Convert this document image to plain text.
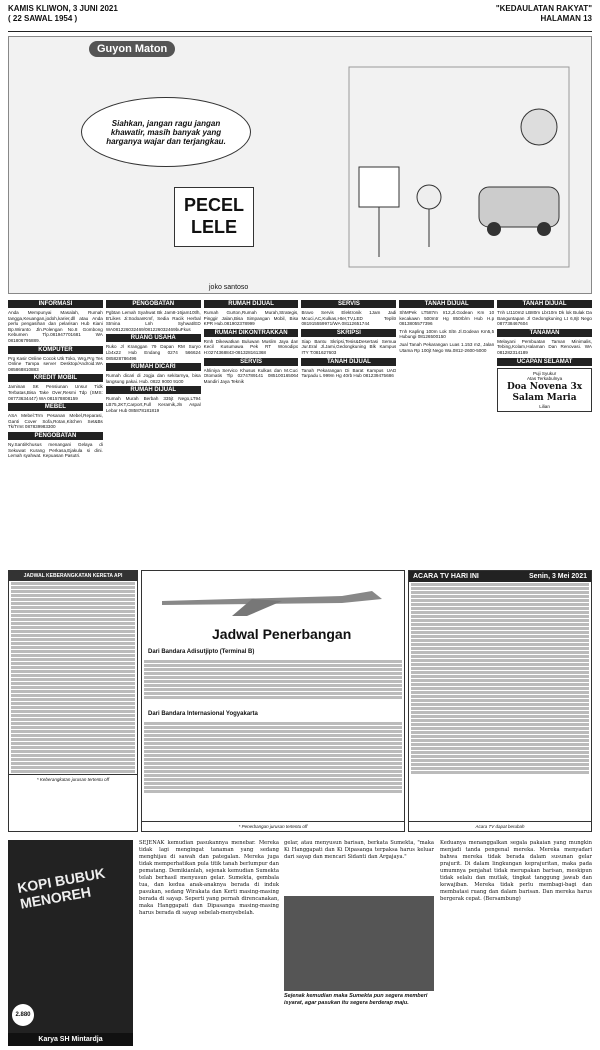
KAMIS KLIWON, 3 JUNI 2021
( 22 SAWAL 1954 )
"KEDAULATAN RAKYAT"
HALAMAN 13
Guyon Maton
Siahkan, jangan ragu jangan khawatir, masih banyak yang harganya wajar dan terjangkau.
PECEL LELE
joko santoso
INFORMASI

Anda Mempunyai Masalah, Rumah tangga,Keuangan,jodoh,karier,dll atau Anda perlu pengasihan dan pelarisan Hub Kiani Bp.Wiranto Jln.Polengan No.8 Gombong Kebumen Tlp.081947701681 WA 081806795889.

KOMPUTER

Prg Kasir Online Cocok Utk Toko, Wrg,Prg Tes Online Tampa server Desktop/Android.WA 085868810883

KREDIT MOBIL

Jaminan SK Pensiunan Unsur Tidk Terbatas,Bisa Take Over,Resmi Tdp (SMS: 08773634447) WA 081578808159

MEBEL

ASA Mebel:Trm Pesanan Mebel,Reparasi, Ganti Cover Sofa,Rotan,Kitchen Set&Bs Tk/Trmt 087839983300

PENGOBATAN

Ny.Santi/Khusus menangani Gelaya di Sekuwat Kurang Perkasa,Ejakula si dini. Lemah syahwat. Kepuasan Pasutri.

PENGOBATAN

Pgbtan Lemah Syahwat Bk Jam8-16jam10tlh, B'Likes Ji:SodoanKmf, Sedia Racik Herbal Stmina Lnh Syhwat/ED WA081226032469/081226032469buFkus

RUANG USAHA

Ruko Jl Kranggan 79 Dapan RM Suryo Lb4x22 Hub Endang 0274 566624 085828786496

RUMAH DICARI

Rumah dicari di Jogja dan sekitarnya, bisa langsung pakai. Hub. 0822 9000 9100

RUMAH DIJUAL

Rumah Murah Berbah 335jt Nego,LT94 LB75,2KT,Carport,Full Keramik,Jln Aspal Lebar Hub 085878181819

RUMAH DIJUAL

Rumah Gurton,Rumah Murah,Strategis, Pinggir Jalan,Bisa Simpangan Mobil, Bisa KPR Hub.081902378999

RUMAH DIKONTRAKKAN

Rmh Dikewatkan Buluwan Muslim Jaya dan Kecil Kusumawa Pek RT Wonodipo H:0274368843-081328161368

SERVIS

Ahliniya Servico Khusus Kulkas dan M.Cuci Otomatis Tlp 0274789141 085100165064 Mandiri Jaya Teknik

SERVIS

Bravo Servis Elektronik 1Jam Jadi Mcuci,AC,Kulkas,Hter,TV,LED Teplitr 081915559971/WA 08112651744

SKRIPSI

Siap Bantu Skripsi,Tesis&Desertasi Semua Jur.Eral Jl.Jami,Gedongkuning Blk Kampus ITY T:081627603

TANAH DIJUAL

Tanah Pekarangan Di Barat Kampus UAD Tarpadu L 999m Hg 40rb Hub 081239475686

TANAH DIJUAL

ShMPek LT587m Ir12,Jl.Godean Km 10 kecakawn 500mtr Hg 850rb/m Hub H.p 0813805577396

Tnh Kapling 100m Lok Sltn Jl.Godean Km5,5 Hubungi 08126500150

Jual Tanah Pekarangan Luas 1.153 m2, Jalan Utama Rp 100jt Nego Wa.0812-2600-5000

TANAH DIJUAL

Tnh Lt110m2 LB80m Lbr10m Dk lok Bulak Da Banguntapan Jl Gedongkuning Lt 6,8jt Nego 087738467604

TANAMAN

Melayani Pembuatan Taman Minimalis, Tebing,Kolam,Halaman Dan Renovasi. WA 081282314189

UCAPAN SELAMAT
Puji Syukur
Atas Terkabulnya
Doa Novena 3x Salam Maria
Lilian
JADWAL KEBERANGKATAN KERETA API
* Keberangkatan jurusan tertentu off
Jadwal Penerbangan
Dari Bandara Adisutjipto (Terminal B)
Dari Bandara Internasional Yogyakarta
* Penerbangan jurusan tertentu off
ACARA TV HARI INI	Senin, 3 Mei 2021
Acara TV dapat berubah
KOPI BUBUK MENOREH
2.880
Karya SH Mintardja
SEJENAK kemudian pasukannya menebar. Mereka tidak lagi mengingat tanaman yang sedang menghijau di sawah dan pategalan. Mereka juga tidak memperhatikan pula titik tanah berlumpur dan pematang. Demikianlah, sejenak kemudian Sumekta telah berhasil menyusun gelar. Sumekta, gembala tua, dan kedua anak-anaknya berada di induk pasukan, sedang Wirakata dan Kerti masing-masing berada di sayap. Seperti yang pernah direncanakan, maka Hanggapati dan Dipasanga masing-masing harus berada di sayap sebelah-menyebelah.
gelar, atau menyusun barisan, berkata Sumekta, "maka Ki Hanggapati dan Ki Dipasanga terpaksa harus keluar dari sayap dan mencari Sidanti dan Argajaya."
Sejenak kemudian maka Sumekta pun segera memberi isyarat, agar pasukan itu segera berderap maju.
Keduanya menanggalkan segala pakaian yang mungkin menjadi tanda pengenal mereka. Mereka menyadari bahwa mereka tidak berada dalam susunan gelar prajurit. Di dalam lingkungan keprajuritan, maka pada umumnya penjahat tidak merupakan barisan, meskipun tidak selalu dan mutlak, tingkat tanggung jawab dan kewajiban. Mereka tidak perlu membagi-bagi dan membatasi ruang dan dalam barisan. Dan mereka harus bergerak cepat. (Bersambung)
